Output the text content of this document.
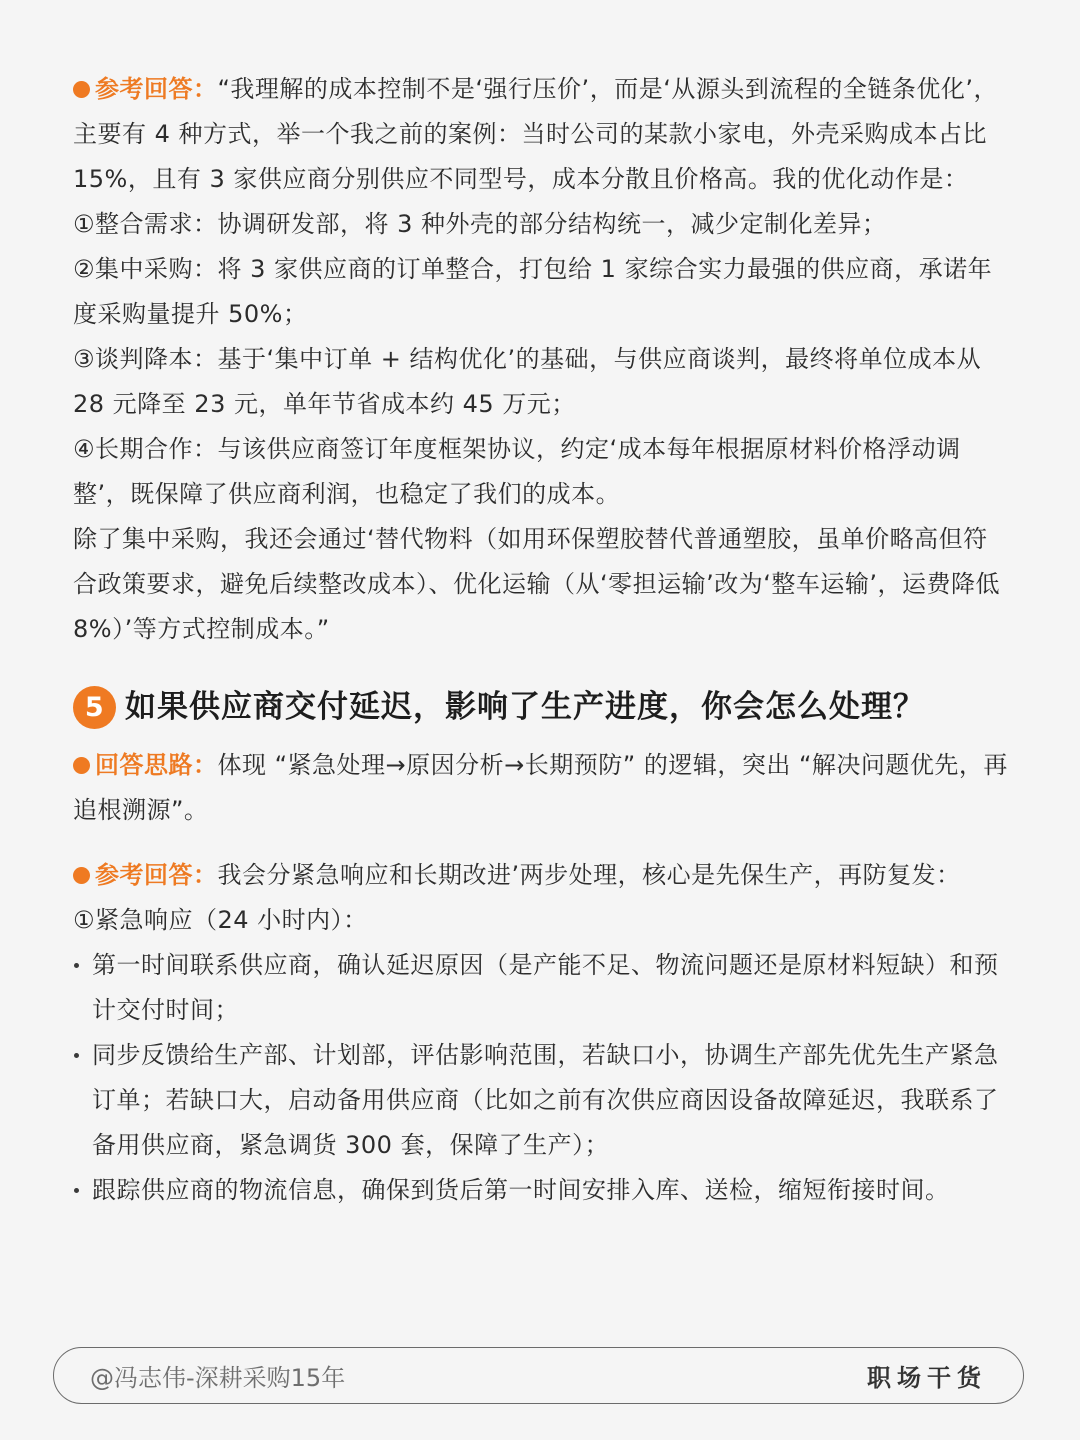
参考回答：“我理解的成本控制不是‘强行压价’，而是‘从源头到流程的全链条优化’，主要有 4 种方式，举一个我之前的案例：当时公司的某款小家电，外壳采购成本占比 15%，且有 3 家供应商分别供应不同型号，成本分散且价格高。我的优化动作是：

①整合需求：协调研发部，将 3 种外壳的部分结构统一，减少定制化差异；

②集中采购：将 3 家供应商的订单整合，打包给 1 家综合实力最强的供应商，承诺年度采购量提升 50%；

③谈判降本：基于‘集中订单 + 结构优化’的基础，与供应商谈判，最终将单位成本从 28 元降至 23 元，单年节省成本约 45 万元；

④长期合作：与该供应商签订年度框架协议，约定‘成本每年根据原材料价格浮动调整’，既保障了供应商利润，也稳定了我们的成本。

除了集中采购，我还会通过‘替代物料（如用环保塑胶替代普通塑胶，虽单价略高但符合政策要求，避免后续整改成本）、优化运输（从‘零担运输’改为‘整车运输’，运费降低 8%）’等方式控制成本。”

5 如果供应商交付延迟，影响了生产进度，你会怎么处理？

回答思路：体现 “紧急处理→原因分析→长期预防” 的逻辑，突出 “解决问题优先，再追根溯源”。

参考回答：我会分紧急响应和长期改进’两步处理，核心是先保生产，再防复发：

①紧急响应（24 小时内）：

第一时间联系供应商，确认延迟原因（是产能不足、物流问题还是原材料短缺）和预计交付时间；
同步反馈给生产部、计划部，评估影响范围，若缺口小，协调生产部先优先生产紧急订单；若缺口大，启动备用供应商（比如之前有次供应商因设备故障延迟，我联系了备用供应商，紧急调货 300 套，保障了生产）；
跟踪供应商的物流信息，确保到货后第一时间安排入库、送检，缩短衔接时间。
@冯志伟-深耕采购15年	职场干货
